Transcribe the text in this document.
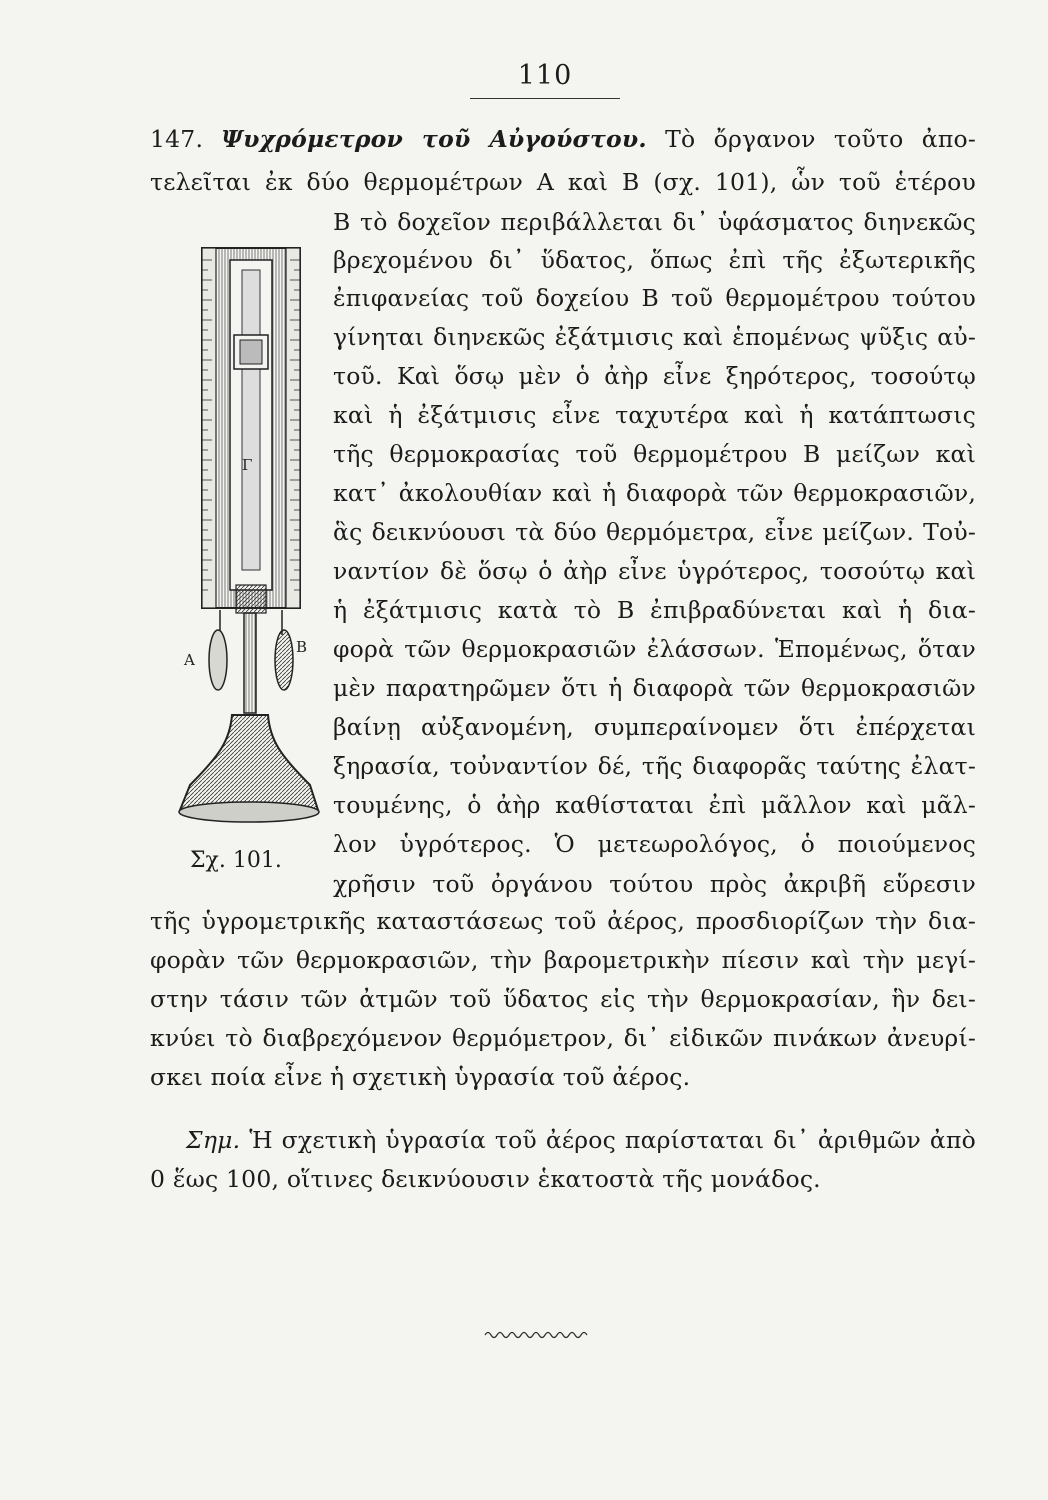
110
147. Ψυχρόμετρον τοῦ Αὐγούστου. Τὸ ὄργανον τοῦτο ἀπο-
τελεῖται ἐκ δύο θερμομέτρων Α καὶ Β (σχ. 101), ὧν τοῦ ἑτέρου
Β τὸ δοχεῖον περιβάλλεται δι᾽ ὑφάσματος διηνεκῶς
βρεχομένου δι᾽ ὕδατος, ὅπως ἐπὶ τῆς ἐξωτερικῆς
ἐπιφανείας τοῦ δοχείου Β τοῦ θερμομέτρου τούτου
γίνηται διηνεκῶς ἐξάτμισις καὶ ἑπομένως ψῦξις αὐ-
τοῦ. Καὶ ὅσῳ μὲν ὁ ἀὴρ εἶνε ξηρότερος, τοσούτῳ
καὶ ἡ ἐξάτμισις εἶνε ταχυτέρα καὶ ἡ κατάπτωσις
τῆς θερμοκρασίας τοῦ θερμομέτρου Β μείζων καὶ
κατ᾽ ἀκολουθίαν καὶ ἡ διαφορὰ τῶν θερμοκρασιῶν,
ἃς δεικνύουσι τὰ δύο θερμόμετρα, εἶνε μείζων. Τοὐ-
ναντίον δὲ ὅσῳ ὁ ἀὴρ εἶνε ὑγρότερος, τοσούτῳ καὶ
ἡ ἐξάτμισις κατὰ τὸ Β ἐπιβραδύνεται καὶ ἡ δια-
φορὰ τῶν θερμοκρασιῶν ἐλάσσων. Ἑπομένως, ὅταν
μὲν παρατηρῶμεν ὅτι ἡ διαφορὰ τῶν θερμοκρασιῶν
βαίνῃ αὐξανομένη, συμπεραίνομεν ὅτι ἐπέρχεται
ξηρασία, τοὐναντίον δέ, τῆς διαφορᾶς ταύτης ἐλατ-
τουμένης, ὁ ἀὴρ καθίσταται ἐπὶ μᾶλλον καὶ μᾶλ-
λον ὑγρότερος. Ὁ μετεωρολόγος, ὁ ποιούμενος
χρῆσιν τοῦ ὀργάνου τούτου πρὸς ἀκριβῆ εὕρεσιν
τῆς ὑγρομετρικῆς καταστάσεως τοῦ ἀέρος, προσδιορίζων τὴν δια-
φορὰν τῶν θερμοκρασιῶν, τὴν βαρομετρικὴν πίεσιν καὶ τὴν μεγί-
στην τάσιν τῶν ἀτμῶν τοῦ ὕδατος εἰς τὴν θερμοκρασίαν, ἣν δει-
κνύει τὸ διαβρεχόμενον θερμόμετρον, δι᾽ εἰδικῶν πινάκων ἀνευρί-
σκει ποία εἶνε ἡ σχετικὴ ὑγρασία τοῦ ἀέρος.
Σημ. Ἡ σχετικὴ ὑγρασία τοῦ ἀέρος παρίσταται δι᾽ ἀριθμῶν ἀπὸ
0 ἕως 100, οἵτινες δεικνύουσιν ἑκατοστὰ τῆς μονάδος.
Α
Β
Γ
Σχ. 101.
